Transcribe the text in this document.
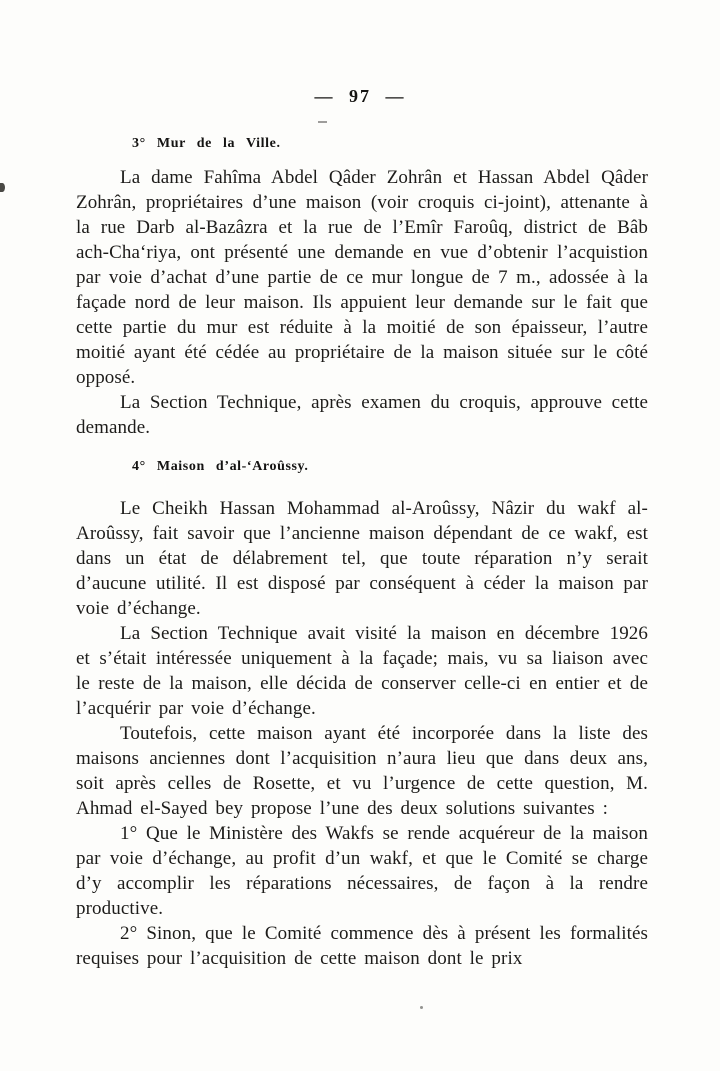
— 97 —
3° Mur de la Ville.

La dame Fahîma Abdel Qâder Zohrân et Hassan Abdel Qâder Zohrân, propriétaires d’une maison (voir croquis ci-joint), attenante à la rue Darb al-Bazâzra et la rue de l’Emîr Faroûq, district de Bâb ach-Cha‘riya, ont présenté une demande en vue d’obtenir l’acquistion par voie d’achat d’une partie de ce mur longue de 7 m., adossée à la façade nord de leur maison. Ils appuient leur demande sur le fait que cette partie du mur est réduite à la moitié de son épaisseur, l’autre moitié ayant été cédée au propriétaire de la maison située sur le côté opposé.

La Section Technique, après examen du croquis, approuve cette demande.

4° Maison d’al-‘Aroûssy.

Le Cheikh Hassan Mohammad al-Aroûssy, Nâzir du wakf al-Aroûssy, fait savoir que l’ancienne maison dépendant de ce wakf, est dans un état de délabrement tel, que toute réparation n’y serait d’aucune utilité. Il est disposé par conséquent à céder la maison par voie d’échange.

La Section Technique avait visité la maison en décembre 1926 et s’était intéressée uniquement à la façade; mais, vu sa liaison avec le reste de la maison, elle décida de conserver celle-ci en entier et de l’acquérir par voie d’échange.

Toutefois, cette maison ayant été incorporée dans la liste des maisons anciennes dont l’acquisition n’aura lieu que dans deux ans, soit après celles de Rosette, et vu l’urgence de cette question, M. Ahmad el-Sayed bey propose l’une des deux solutions suivantes :

1° Que le Ministère des Wakfs se rende acquéreur de la maison par voie d’échange, au profit d’un wakf, et que le Comité se charge d’y accomplir les réparations nécessaires, de façon à la rendre productive.

2° Sinon, que le Comité commence dès à présent les formalités requises pour l’acquisition de cette maison dont le prix
